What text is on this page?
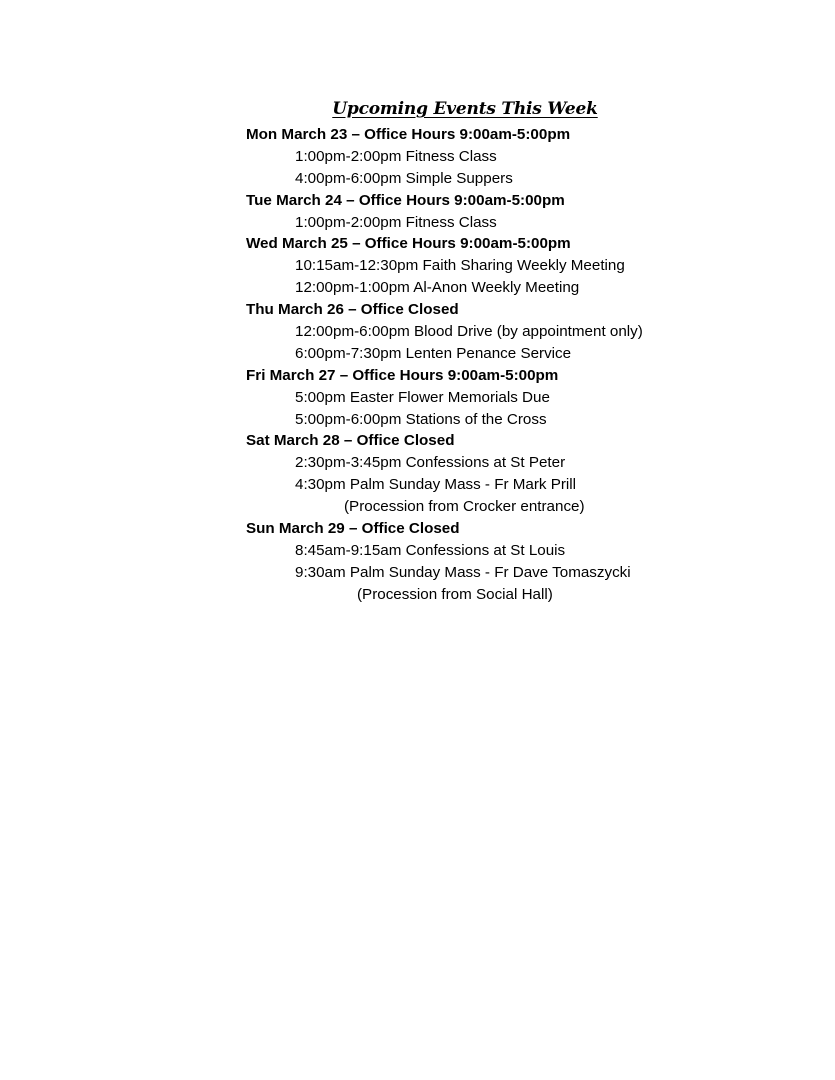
Upcoming Events This Week
Mon March 23 – Office Hours 9:00am-5:00pm
1:00pm-2:00pm Fitness Class
4:00pm-6:00pm Simple Suppers
Tue March 24 – Office Hours 9:00am-5:00pm
1:00pm-2:00pm Fitness Class
Wed March 25 – Office Hours 9:00am-5:00pm
10:15am-12:30pm Faith Sharing Weekly Meeting
12:00pm-1:00pm Al-Anon Weekly Meeting
Thu March 26 – Office Closed
12:00pm-6:00pm Blood Drive (by appointment only)
6:00pm-7:30pm Lenten Penance Service
Fri March 27 – Office Hours 9:00am-5:00pm
5:00pm Easter Flower Memorials Due
5:00pm-6:00pm Stations of the Cross
Sat March 28 – Office Closed
2:30pm-3:45pm Confessions at St Peter
4:30pm Palm Sunday Mass - Fr Mark Prill
(Procession from Crocker entrance)
Sun March 29 – Office Closed
8:45am-9:15am Confessions at St Louis
9:30am Palm Sunday Mass - Fr Dave Tomaszycki
(Procession from Social Hall)
